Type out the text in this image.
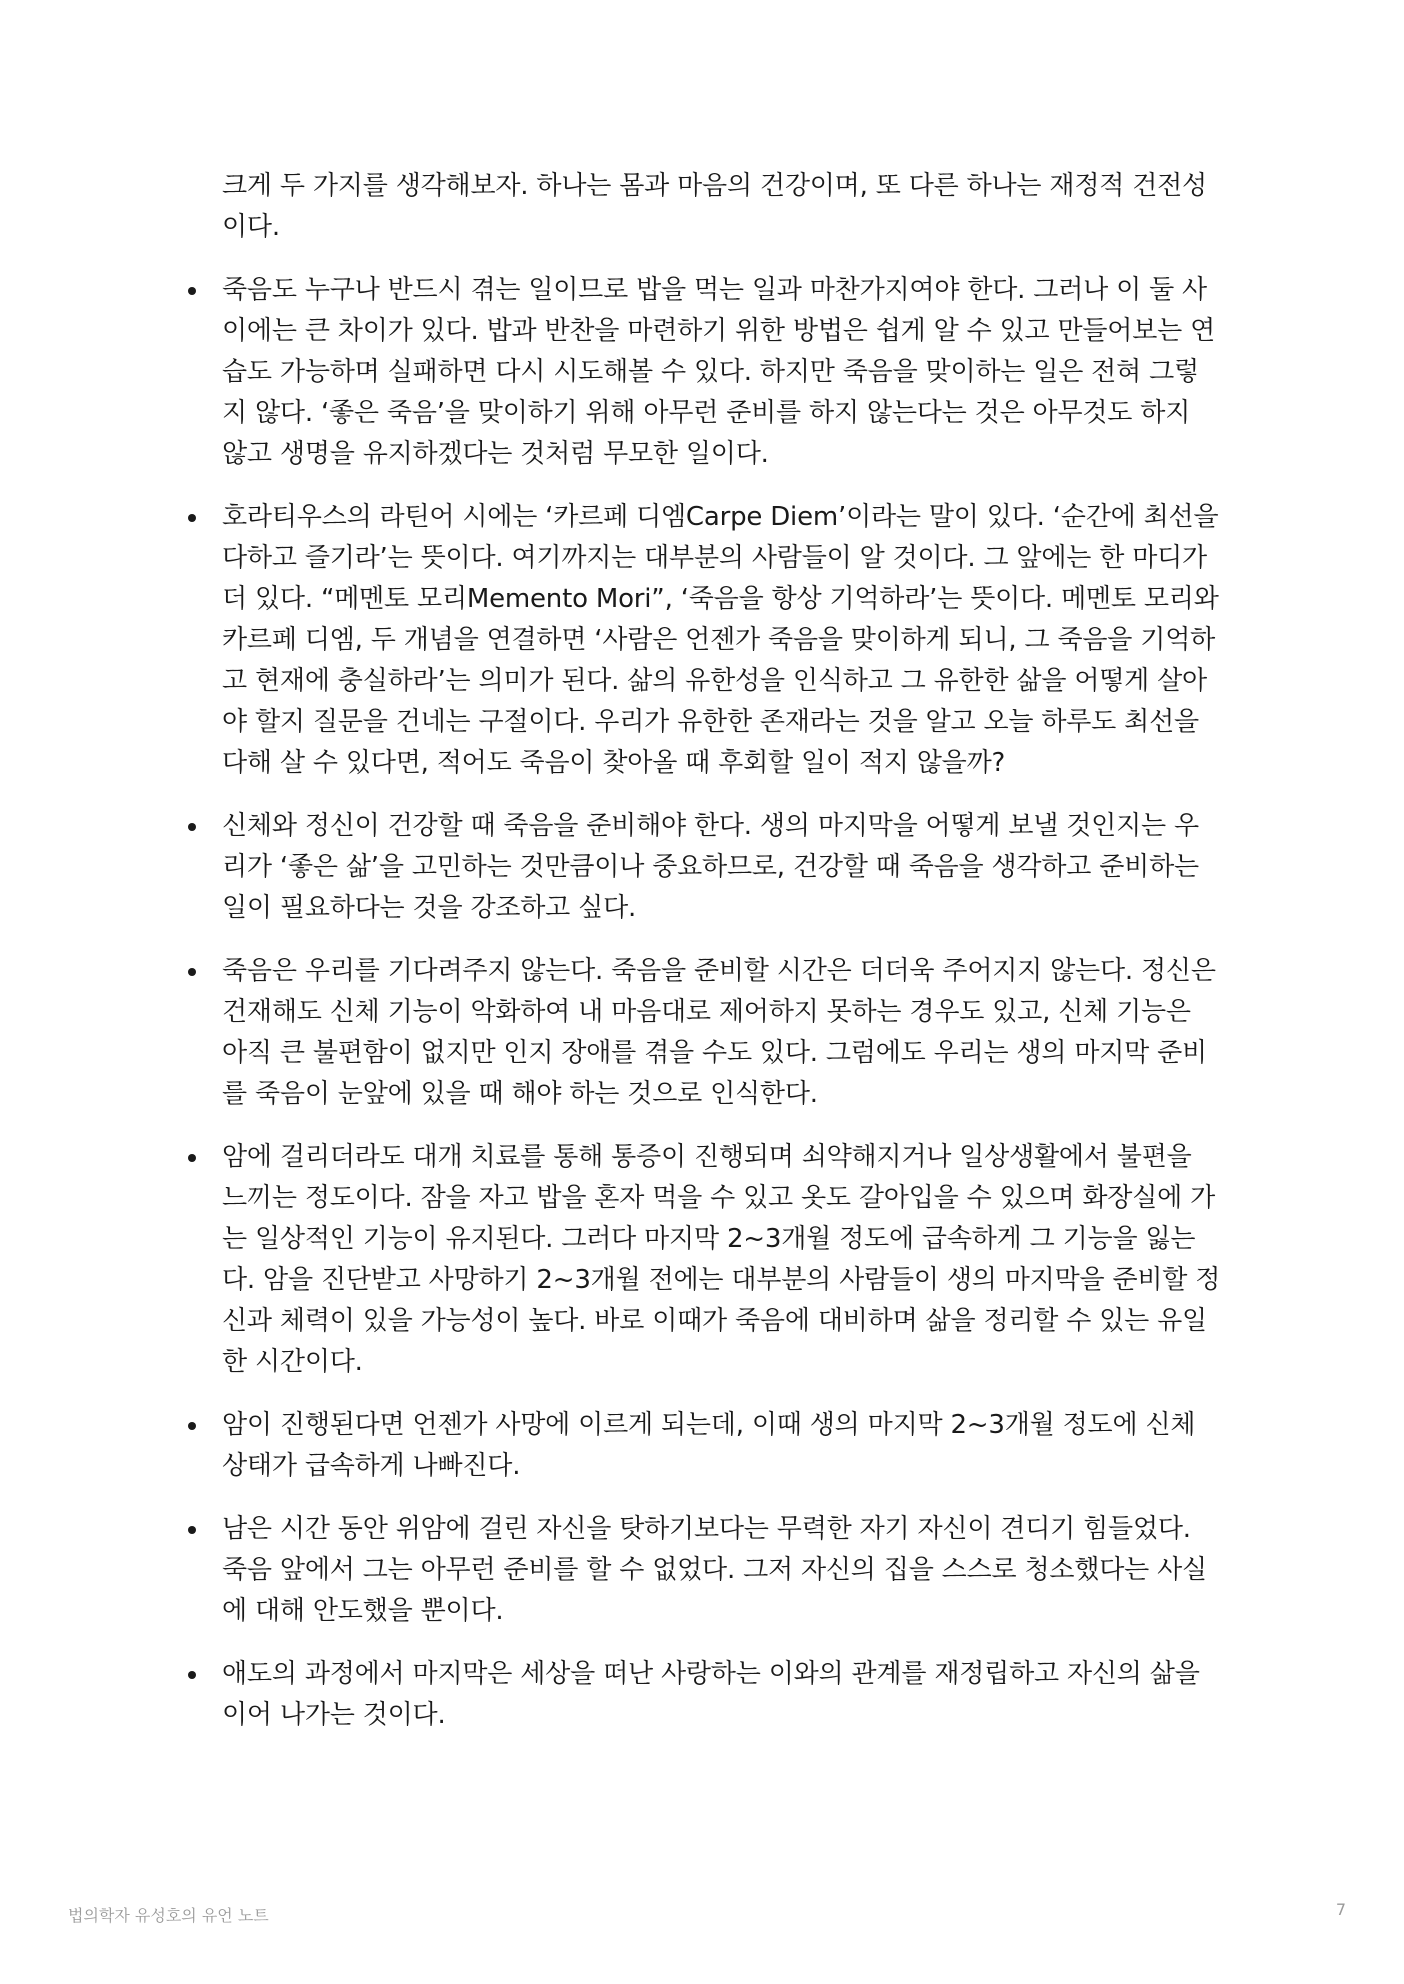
크게 두 가지를 생각해보자. 하나는 몸과 마음의 건강이며, 또 다른 하나는 재정적 건전성이다.

죽음도 누구나 반드시 겪는 일이므로 밥을 먹는 일과 마찬가지여야 한다. 그러나 이 둘 사이에는 큰 차이가 있다. 밥과 반찬을 마련하기 위한 방법은 쉽게 알 수 있고 만들어보는 연습도 가능하며 실패하면 다시 시도해볼 수 있다. 하지만 죽음을 맞이하는 일은 전혀 그렇지 않다. ‘좋은 죽음’을 맞이하기 위해 아무런 준비를 하지 않는다는 것은 아무것도 하지 않고 생명을 유지하겠다는 것처럼 무모한 일이다.
호라티우스의 라틴어 시에는 ‘카르페 디엠Carpe Diem’이라는 말이 있다. ‘순간에 최선을 다하고 즐기라’는 뜻이다. 여기까지는 대부분의 사람들이 알 것이다. 그 앞에는 한 마디가 더 있다. “메멘토 모리Memento Mori”, ‘죽음을 항상 기억하라’는 뜻이다. 메멘토 모리와 카르페 디엠, 두 개념을 연결하면 ‘사람은 언젠가 죽음을 맞이하게 되니, 그 죽음을 기억하고 현재에 충실하라’는 의미가 된다. 삶의 유한성을 인식하고 그 유한한 삶을 어떻게 살아야 할지 질문을 건네는 구절이다. 우리가 유한한 존재라는 것을 알고 오늘 하루도 최선을 다해 살 수 있다면, 적어도 죽음이 찾아올 때 후회할 일이 적지 않을까?
신체와 정신이 건강할 때 죽음을 준비해야 한다. 생의 마지막을 어떻게 보낼 것인지는 우리가 ‘좋은 삶’을 고민하는 것만큼이나 중요하므로, 건강할 때 죽음을 생각하고 준비하는 일이 필요하다는 것을 강조하고 싶다.
죽음은 우리를 기다려주지 않는다. 죽음을 준비할 시간은 더더욱 주어지지 않는다. 정신은 건재해도 신체 기능이 악화하여 내 마음대로 제어하지 못하는 경우도 있고, 신체 기능은 아직 큰 불편함이 없지만 인지 장애를 겪을 수도 있다. 그럼에도 우리는 생의 마지막 준비를 죽음이 눈앞에 있을 때 해야 하는 것으로 인식한다.
암에 걸리더라도 대개 치료를 통해 통증이 진행되며 쇠약해지거나 일상생활에서 불편을 느끼는 정도이다. 잠을 자고 밥을 혼자 먹을 수 있고 옷도 갈아입을 수 있으며 화장실에 가는 일상적인 기능이 유지된다. 그러다 마지막 2~3개월 정도에 급속하게 그 기능을 잃는다. 암을 진단받고 사망하기 2~3개월 전에는 대부분의 사람들이 생의 마지막을 준비할 정신과 체력이 있을 가능성이 높다. 바로 이때가 죽음에 대비하며 삶을 정리할 수 있는 유일한 시간이다.
암이 진행된다면 언젠가 사망에 이르게 되는데, 이때 생의 마지막 2~3개월 정도에 신체 상태가 급속하게 나빠진다.
남은 시간 동안 위암에 걸린 자신을 탓하기보다는 무력한 자기 자신이 견디기 힘들었다. 죽음 앞에서 그는 아무런 준비를 할 수 없었다. 그저 자신의 집을 스스로 청소했다는 사실에 대해 안도했을 뿐이다.
애도의 과정에서 마지막은 세상을 떠난 사랑하는 이와의 관계를 재정립하고 자신의 삶을 이어 나가는 것이다.
법의학자 유성호의 유언 노트	7
